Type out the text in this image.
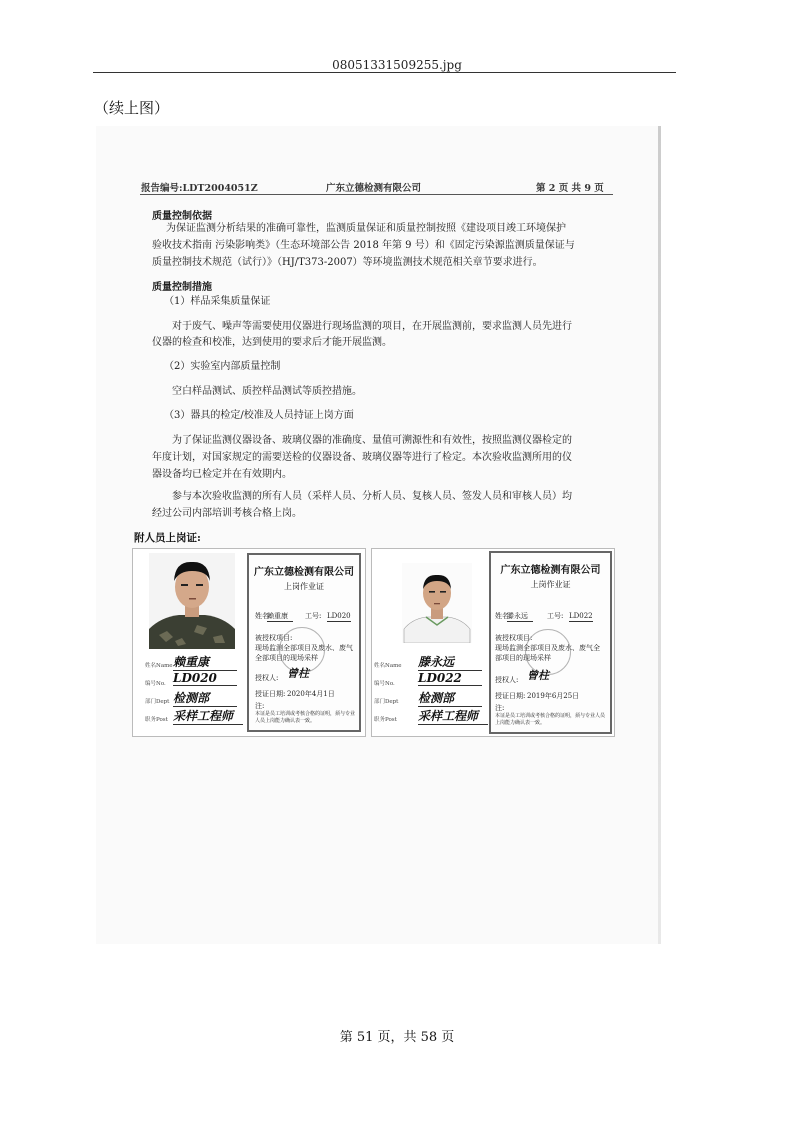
08051331509255.jpg
（续上图）
报告编号:LDT2004051Z	广东立德检测有限公司	第 2 页 共 9 页
质量控制依据
为保证监测分析结果的准确可靠性，监测质量保证和质量控制按照《建设项目竣工环境保护
验收技术指南 污染影响类》（生态环境部公告 2018 年第 9 号）和《固定污染源监测质量保证与
质量控制技术规范（试行）》（HJ/T373-2007）等环境监测技术规范相关章节要求进行。
质量控制措施
（1）样品采集质量保证
对于废气、噪声等需要使用仪器进行现场监测的项目，在开展监测前，要求监测人员先进行
仪器的检查和校准，达到使用的要求后才能开展监测。
（2）实验室内部质量控制
空白样品测试、质控样品测试等质控措施。
（3）器具的检定/校准及人员持证上岗方面
为了保证监测仪器设备、玻璃仪器的准确度、量值可溯源性和有效性，按照监测仪器检定的
年度计划，对国家规定的需要送检的仪器设备、玻璃仪器等进行了检定。本次验收监测所用的仪
器设备均已检定并在有效期内。
参与本次验收监测的所有人员（采样人员、分析人员、复核人员、签发人员和审核人员）均
经过公司内部培训考核合格上岗。
附人员上岗证:
姓名Name 赖重康
编号No. LD020
部门Dept 检测部
职务Post 采样工程师
广东立德检测有限公司
上岗作业证
姓名:
赖重康	工号: LD020
被授权项目:
现场监测全部项目及废水、废气全部项目的现场采样
授权人: 曾柱
授证日期: 2020年4月1日
注:
本证是员工培训或考核合格的证明，须与专业人员上岗能力确认表一致。
姓名Name 滕永远
编号No. LD022
部门Dept 检测部
职务Post 采样工程师
广东立德检测有限公司
上岗作业证
姓名:
滕永远	工号: LD022
被授权项目:
现场监测全部项目及废水、废气全部项目的现场采样
授权人: 曾柱
授证日期: 2019年6月25日
注:
本证是员工培训或考核合格的证明，须与专业人员上岗能力确认表一致。
第 51 页，共 58 页
